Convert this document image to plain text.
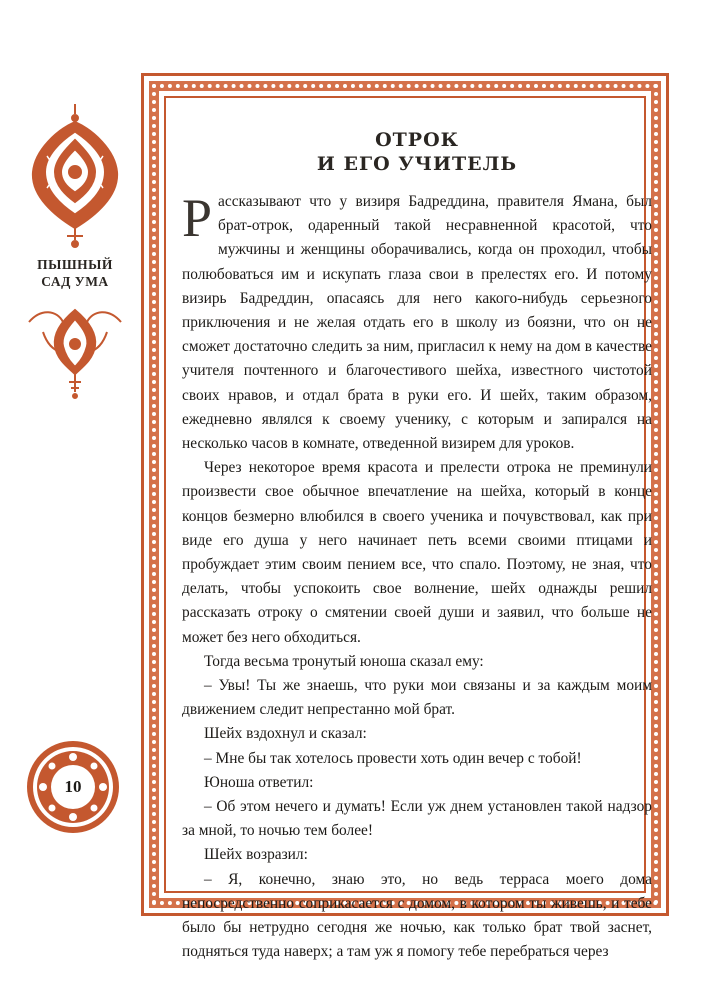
ПЫШНЫЙ
САД УМА
10
ОТРОК
И ЕГО УЧИТЕЛЬ

Рассказывают что у визиря Бадреддина, правителя Ямана, был брат-отрок, одаренный такой несравненной красотой, что мужчины и женщины оборачивались, когда он проходил, чтобы полюбоваться им и искупать глаза свои в прелестях его. И потому визирь Бадреддин, опасаясь для него какого-нибудь серьезного приключения и не желая отдать его в школу из боязни, что он не сможет достаточно следить за ним, пригласил к нему на дом в качестве учителя почтенного и благочестивого шейха, известного чистотой своих нравов, и отдал брата в руки его. И шейх, таким образом, ежедневно являлся к своему ученику, с которым и запирался на несколько часов в комнате, отведенной визирем для уроков.

Через некоторое время красота и прелести отрока не преминули произвести свое обычное впечатление на шейха, который в конце концов безмерно влюбился в своего ученика и почувствовал, как при виде его душа у него начинает петь всеми своими птицами и пробуждает этим своим пением все, что спало. Поэтому, не зная, что делать, чтобы успокоить свое волнение, шейх однажды решил рассказать отроку о смятении своей души и заявил, что больше не может без него обходиться.

Тогда весьма тронутый юноша сказал ему:

– Увы! Ты же знаешь, что руки мои связаны и за каждым моим движением следит непрестанно мой брат.

Шейх вздохнул и сказал:

– Мне бы так хотелось провести хоть один вечер с тобой!

Юноша ответил:

– Об этом нечего и думать! Если уж днем установлен такой надзор за мной, то ночью тем более!

Шейх возразил:

– Я, конечно, знаю это, но ведь терраса моего дома непосредственно соприкасается с домом, в котором ты живешь, и тебе было бы нетрудно сегодня же ночью, как только брат твой заснет, подняться туда наверх; а там уж я помогу тебе перебраться через
